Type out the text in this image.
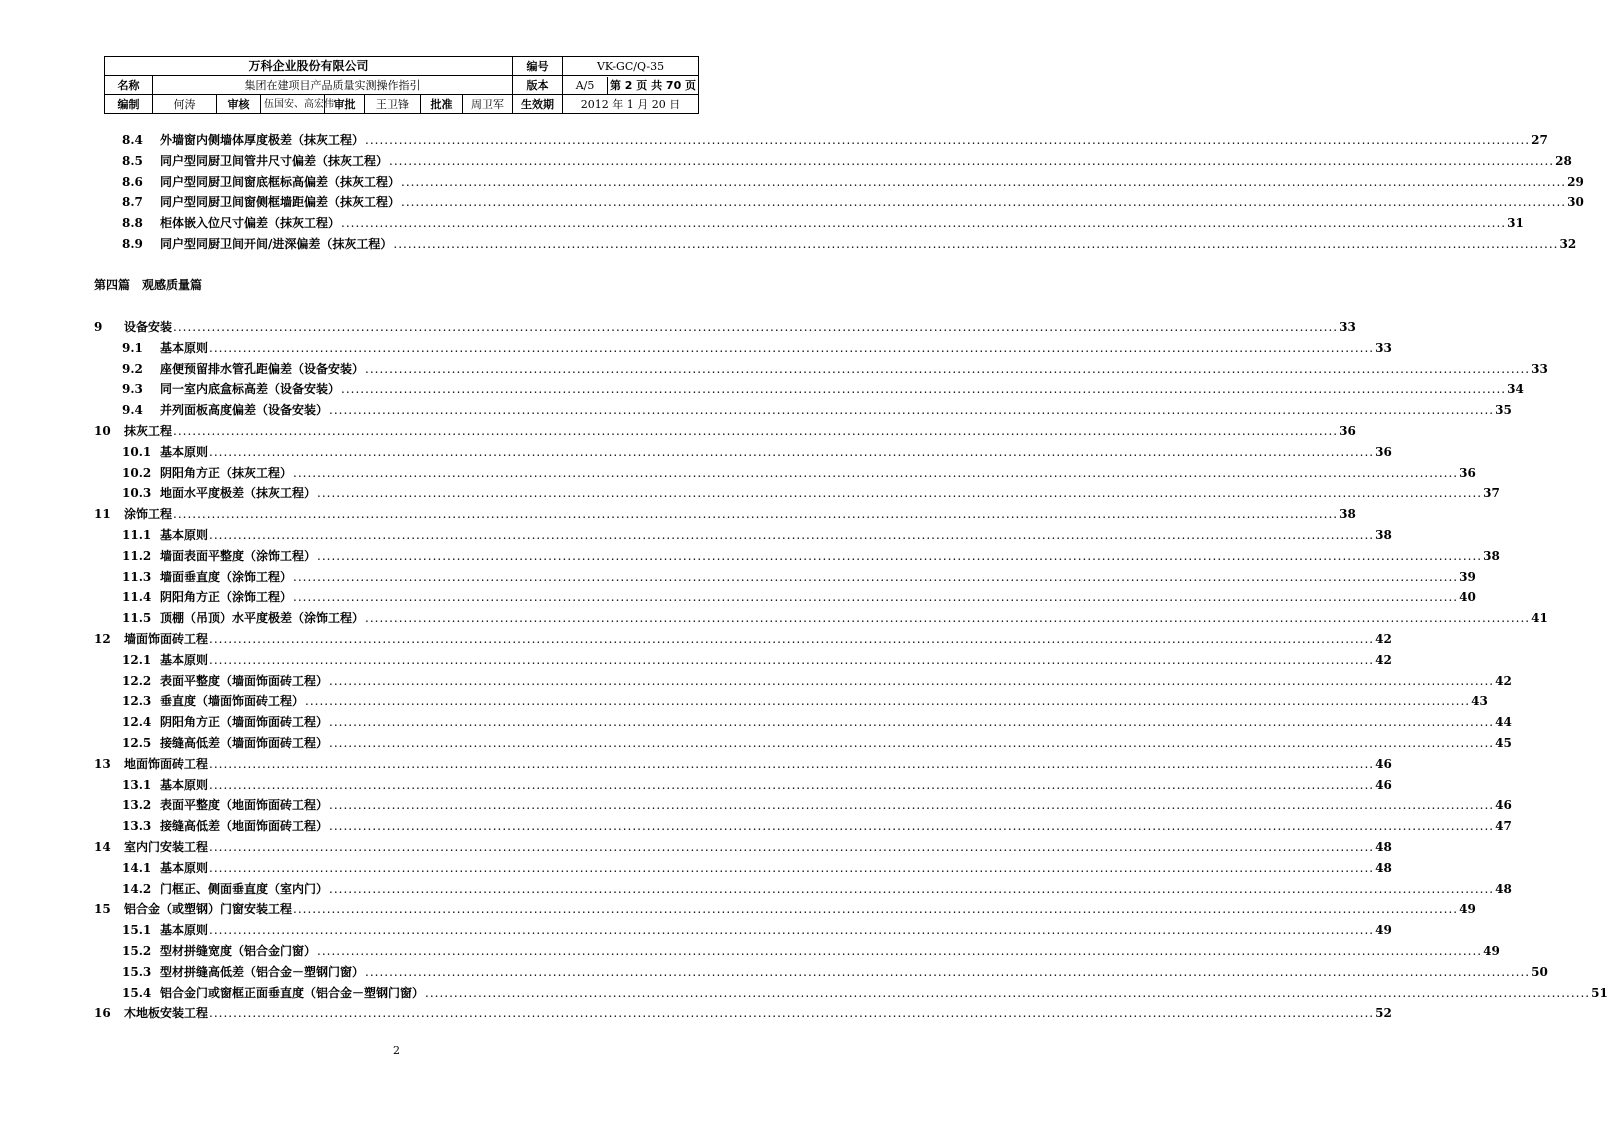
万科企业股份有限公司								编号	VK-GC/Q-35
名称	集团在建项目产品质量实测操作指引							版本	A/5 第 2 页 共 70 页

编制	何涛	审核	伍国安、高宏伟	审批	王卫锋	批准	周卫军	生效期	2012 年 1 月 20 日
8.4	外墙窗内侧墙体厚度极差（抹灰工程） .....	27
8.5	同户型同厨卫间管井尺寸偏差（抹灰工程） .....	28
8.6	同户型同厨卫间窗底框标高偏差（抹灰工程） .....	29
8.7	同户型同厨卫间窗侧框墙距偏差（抹灰工程） .....	30
8.8	柜体嵌入位尺寸偏差（抹灰工程） .....	31
8.9	同户型同厨卫间开间/进深偏差（抹灰工程） .....	32
9	设备安装 .....	33
9.1	基本原则 .....	33
9.2	座便预留排水管孔距偏差（设备安装） .....	33
9.3	同一室内底盒标高差（设备安装） .....	34
9.4	并列面板高度偏差（设备安装） .....	35
10	抹灰工程 .....	36
10.1 基本原则 .....	36
10.2 阴阳角方正（抹灰工程） .....	36
10.3 地面水平度极差（抹灰工程） .....	37
11	涂饰工程 .....	38
11.1 基本原则 .....	38
11.2 墙面表面平整度（涂饰工程） .....	38
11.3 墙面垂直度（涂饰工程） .....	39
11.4 阴阳角方正（涂饰工程） .....	40
11.5 顶棚（吊顶）水平度极差（涂饰工程） .....	41
12	墙面饰面砖工程 .....	42
12.1 基本原则 .....	42
12.2 表面平整度（墙面饰面砖工程） .....	42
12.3 垂直度（墙面饰面砖工程） .....	43
12.4 阴阳角方正（墙面饰面砖工程） .....	44
12.5 接缝高低差（墙面饰面砖工程） .....	45
13	地面饰面砖工程 .....	46
13.1 基本原则 .....	46
13.2 表面平整度（地面饰面砖工程） .....	46
13.3 接缝高低差（地面饰面砖工程） .....	47
14	室内门安装工程 .....	48
14.1 基本原则 .....	48
14.2 门框正、侧面垂直度（室内门） .....	48
15	铝合金（或塑钢）门窗安装工程 .....	49
15.1 基本原则 .....	49
15.2 型材拼缝宽度（铝合金门窗） .....	49
15.3 型材拼缝高低差（铝合金－塑钢门窗） .....	50
15.4 铝合金门或窗框正面垂直度（铝合金－塑钢门窗） .....	51
16	木地板安装工程 .....	52
第四篇 观感质量篇
2
